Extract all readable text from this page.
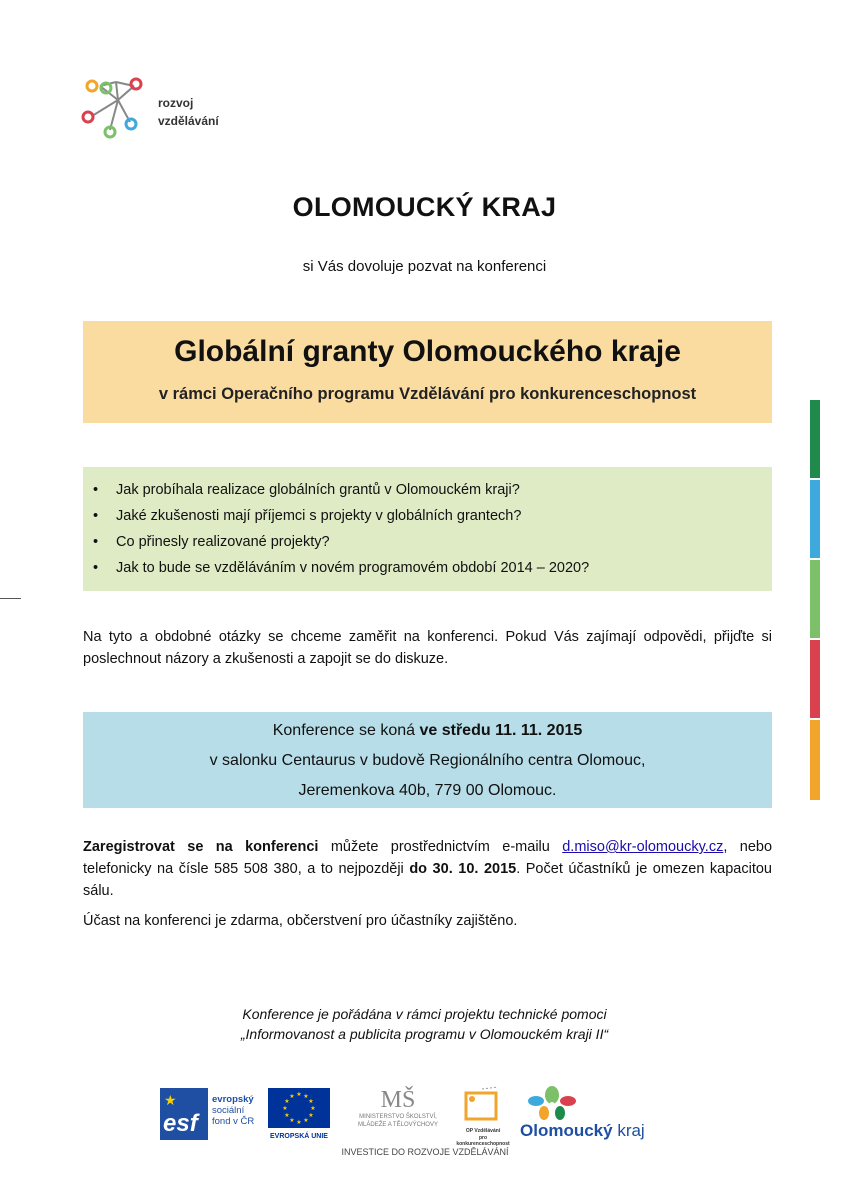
rozvoj
vzdělávání
OLOMOUCKÝ KRAJ
si Vás dovoluje pozvat na konferenci
Globální granty Olomouckého kraje
v rámci Operačního programu Vzdělávání pro konkurenceschopnost
• Jak probíhala realizace globálních grantů v Olomouckém kraji?
• Jaké zkušenosti mají příjemci s projekty v globálních grantech?
• Co přinesly realizované projekty?
• Jak to bude se vzděláváním v novém programovém období 2014 – 2020?
Na tyto a obdobné otázky se chceme zaměřit na konferenci. Pokud Vás zajímají odpovědi, přijďte si poslechnout názory a zkušenosti a zapojit se do diskuze.
Konference se koná ve středu 11. 11. 2015
v salonku Centaurus v budově Regionálního centra Olomouc,
Jeremenkova 40b, 779 00 Olomouc.
Zaregistrovat se na konferenci můžete prostřednictvím e-mailu d.miso@kr-olomoucky.cz, nebo telefonicky na čísle 585 508 380, a to nejpozději do 30. 10. 2015. Počet účastníků je omezen kapacitou sálu.
Účast na konferenci je zdarma, občerstvení pro účastníky zajištěno.
Konference je pořádána v rámci projektu technické pomoci
„Informovanost a publicita programu v Olomouckém kraji II“
★
esf
evropský
sociální
fond v ČR
★ ★
★
★
★
★
★
★
★
★
★
★
EVROPSKÁ UNIE
MŠ

MINISTERSTVO ŠKOLSTVÍ,
MLÁDEŽE A TĚLOVÝCHOVY
OP Vzdělávání
pro konkurenceschopnost
Olomoucký kraj
INVESTICE DO ROZVOJE VZDĚLÁVÁNÍ
